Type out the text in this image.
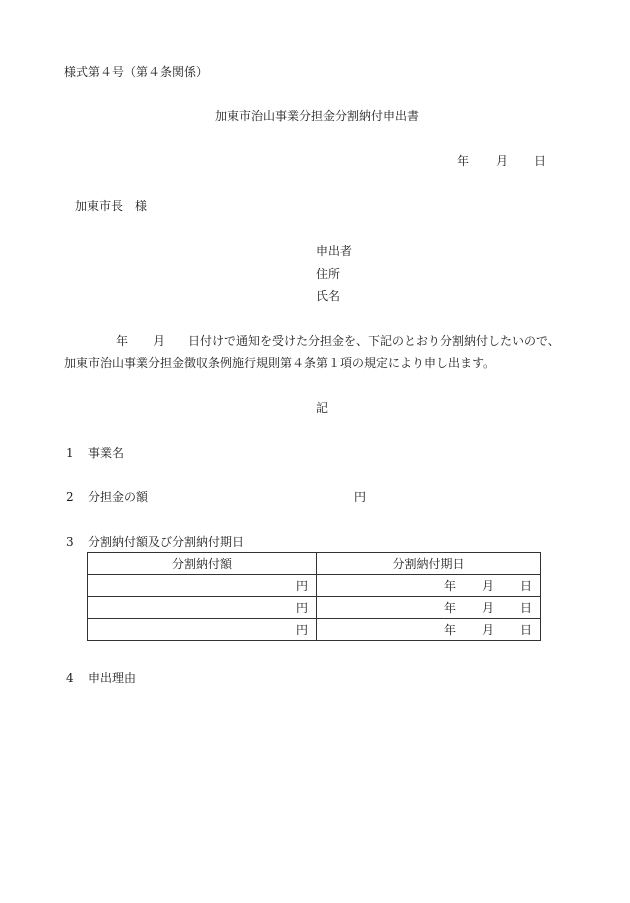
様式第４号（第４条関係）
加東市治山事業分担金分割納付申出書
年 月 日
加東市長　様
申出者
住所
氏名
年 月 日付けで通知を受けた分担金を、下記のとおり分割納付したいので、
加東市治山事業分担金徴収条例施行規則第４条第１項の規定により申し出ます。
記
1 事業名
2 分担金の額	円
3 分割納付額及び分割納付期日
分割納付額	分割納付期日
円	年 月 日
円	年 月 日
円	年 月 日
4 申出理由
